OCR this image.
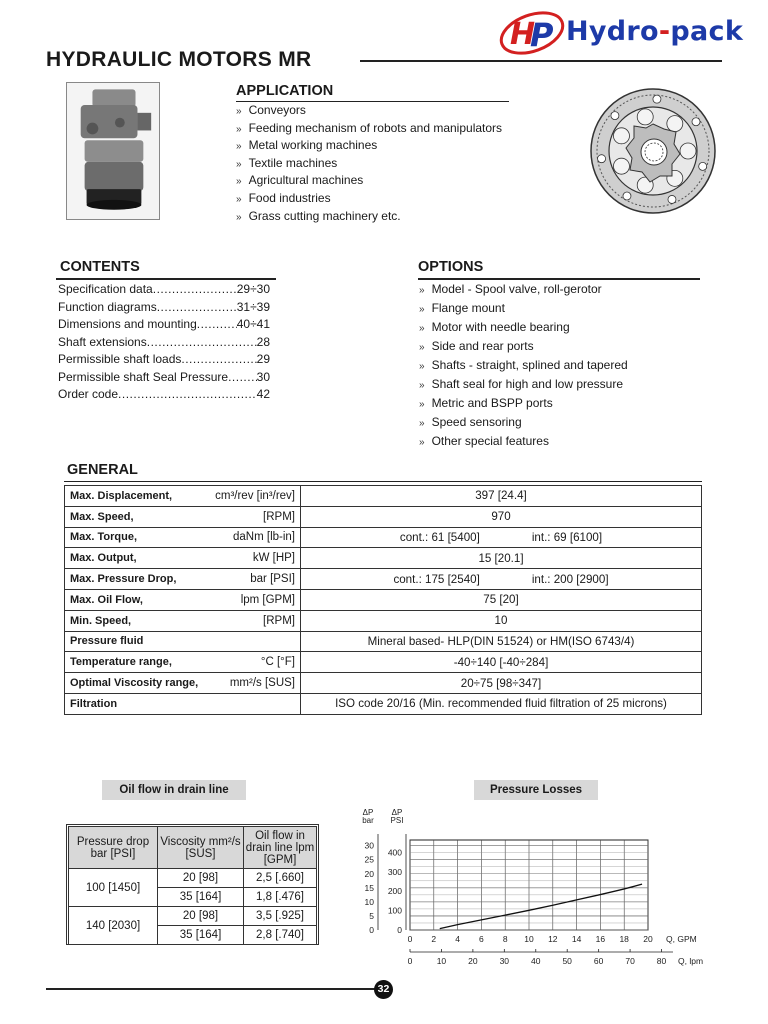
H
P Hydro-pack
HYDRAULIC MOTORS MR
APPLICATION
» Conveyors
» Feeding mechanism of robots and manipulators
» Metal working machines
» Textile machines
» Agricultural machines
» Food industries
» Grass cutting machinery etc.
CONTENTS
Specification data .....	29÷30
Function diagrams .....	31÷39
Dimensions and mounting .....	40÷41
Shaft extensions .....	28
Permissible shaft loads .....	29
Permissible shaft Seal Pressure ..... 30
Order code .....	42
OPTIONS
» Model - Spool valve, roll-gerotor
» Flange mount
» Motor with needle bearing
» Side and rear ports
» Shafts - straight, splined and tapered
» Shaft seal for high and low pressure
» Metric and BSPP ports
» Speed sensoring
» Other special features
GENERAL
Max. Displacement, cm³/rev [in³/rev]	397 [24.4]

Max. Speed, [RPM]	970

Max. Torque, daNm [lb-in]	cont.: 61 [5400] int.: 69 [6100]

Max. Output, kW [HP]	15 [20.1]

Max. Pressure Drop, bar [PSI]	cont.: 175 [2540] int.: 200 [2900]

Max. Oil Flow, lpm [GPM]	75 [20]

Min. Speed, [RPM]	10

Pressure fluid	Mineral based- HLP(DIN 51524) or HM(ISO 6743/4)

Temperature range, °C [°F]	-40÷140 [-40÷284]

Optimal Viscosity range, mm²/s [SUS]	20÷75 [98÷347]

Filtration	ISO code 20/16 (Min. recommended fluid filtration of 25 microns)
Oil flow in drain line
Pressure drop bar [PSI]	Viscosity mm²/s [SUS]	Oil flow in drain line lpm [GPM]
100 [1450]	20 [98]	2,5 [.660]
	35 [164]	1,8 [.476]
140 [2030]	20 [98]	3,5 [.925]
	35 [164]	2,8 [.740]
Pressure Losses
0 2 4 6 8 10 12 14 16 18 20
0
5
10
15
20
25
30
0
100
200
300
400
0	10	20	30	40	50	60	70	80
Q, GPM
Q, lpm
ΔP
bar
ΔP
PSI
32
